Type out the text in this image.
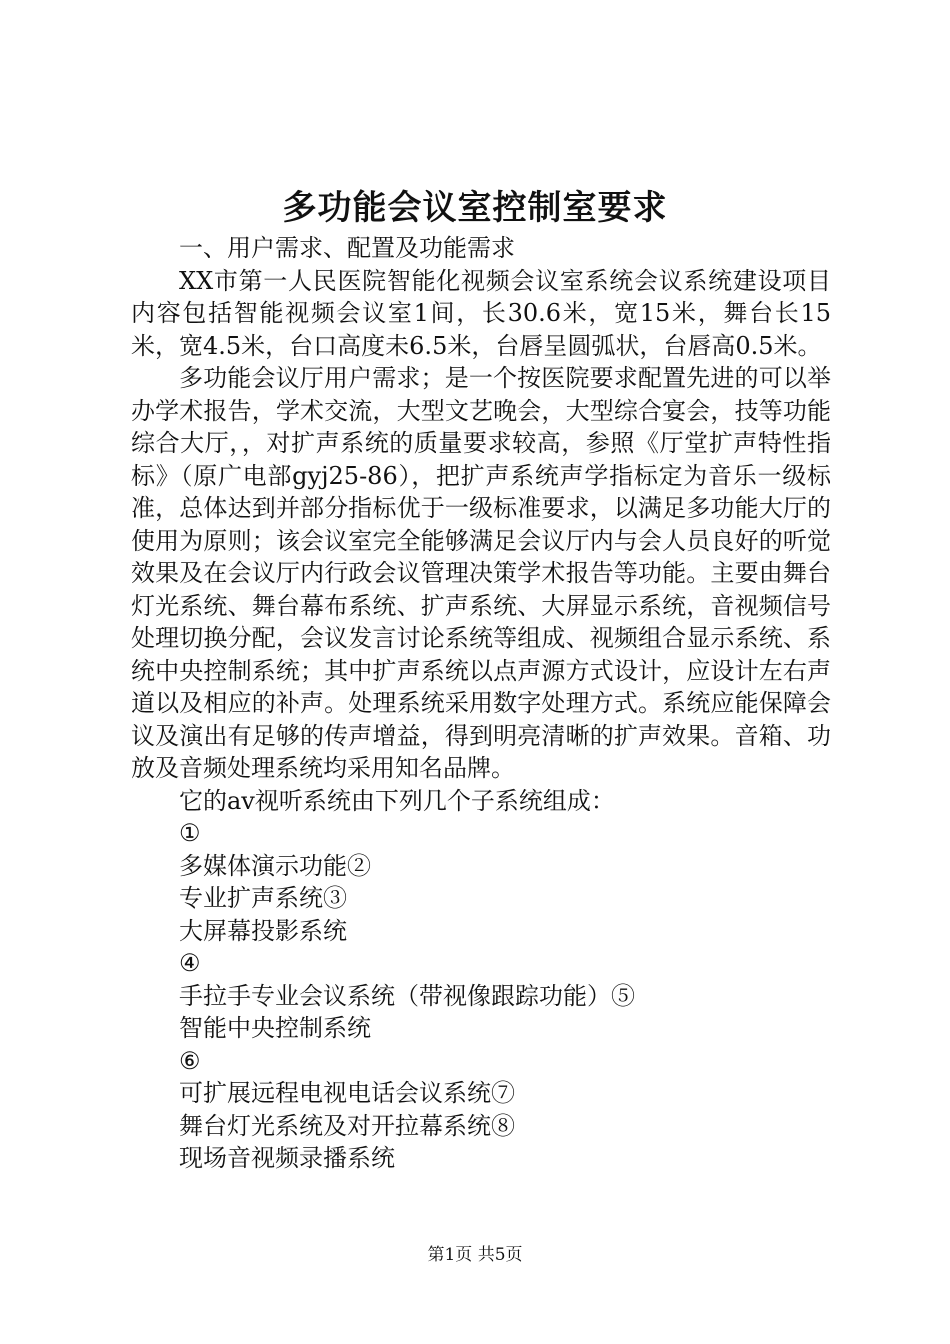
多功能会议室控制室要求

一、用户需求、配置及功能需求

XX市第一人民医院智能化视频会议室系统会议系统建设项目内容包括智能视频会议室1间，长30.6米，宽15米，舞台长15米，宽4.5米，台口高度未6.5米，台唇呈圆弧状，台唇高0.5米。

多功能会议厅用户需求；是一个按医院要求配置先进的可以举办学术报告，学术交流，大型文艺晚会，大型综合宴会，技等功能综合大厅，，对扩声系统的质量要求较高，参照《厅堂扩声特性指标》（原广电部gyj25-86），把扩声系统声学指标定为音乐一级标准，总体达到并部分指标优于一级标准要求，以满足多功能大厅的使用为原则；该会议室完全能够满足会议厅内与会人员良好的听觉效果及在会议厅内行政会议管理决策学术报告等功能。主要由舞台灯光系统、舞台幕布系统、扩声系统、大屏显示系统，音视频信号处理切换分配，会议发言讨论系统等组成、视频组合显示系统、系统中央控制系统；其中扩声系统以点声源方式设计，应设计左右声道以及相应的补声。处理系统采用数字处理方式。系统应能保障会议及演出有足够的传声增益，得到明亮清晰的扩声效果。音箱、功放及音频处理系统均采用知名品牌。

它的av视听系统由下列几个子系统组成：

①

多媒体演示功能②

专业扩声系统③

大屏幕投影系统

④

手拉手专业会议系统（带视像跟踪功能）⑤

智能中央控制系统

⑥

可扩展远程电视电话会议系统⑦

舞台灯光系统及对开拉幕系统⑧

现场音视频录播系统

第1页 共5页
